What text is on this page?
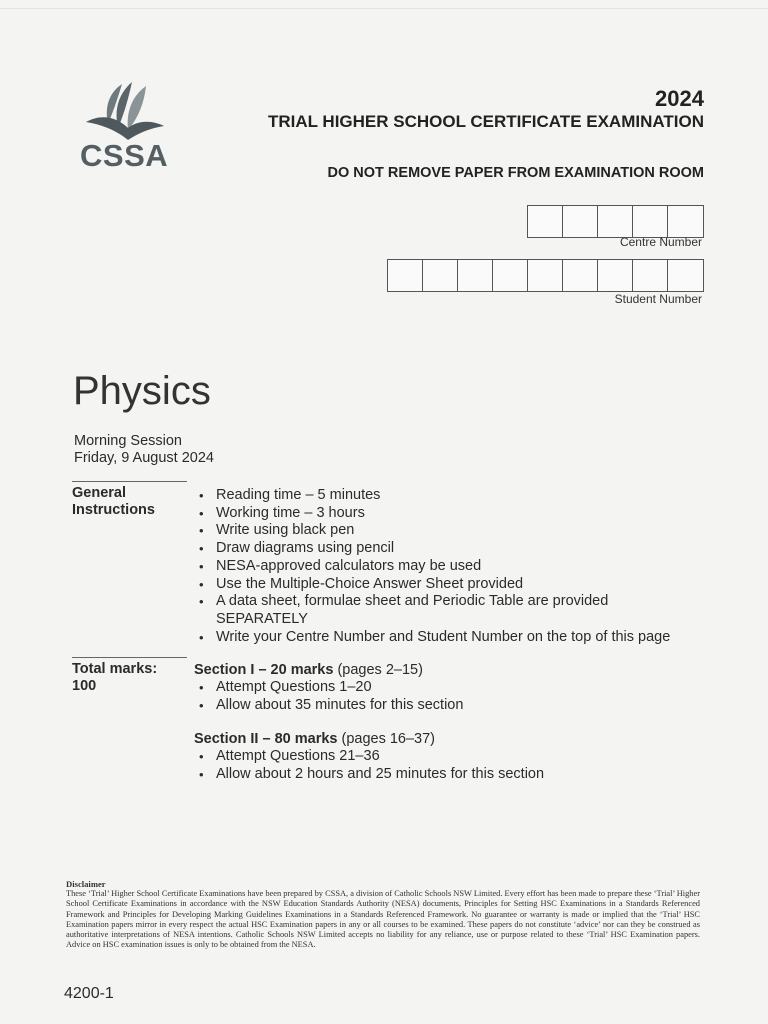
CSSA
2024
TRIAL HIGHER SCHOOL CERTIFICATE EXAMINATION
DO NOT REMOVE PAPER FROM EXAMINATION ROOM
Centre Number
Student Number
Physics
Morning Session
Friday, 9 August 2024
General
Instructions
• Reading time – 5 minutes
• Working time – 3 hours
• Write using black pen
• Draw diagrams using pencil
• NESA-approved calculators may be used
• Use the Multiple-Choice Answer Sheet provided
• A data sheet, formulae sheet and Periodic Table are provided
SEPARATELY
• Write your Centre Number and Student Number on the top of this page
Total marks:
100
Section I – 20 marks (pages 2–15)
• Attempt Questions 1–20
• Allow about 35 minutes for this section
Section II – 80 marks (pages 16–37)
• Attempt Questions 21–36
• Allow about 2 hours and 25 minutes for this section
Disclaimer
These ‘Trial’ Higher School Certificate Examinations have been prepared by CSSA, a division of Catholic Schools NSW Limited. Every effort has been made to prepare these ‘Trial’ Higher School Certificate Examinations in accordance with the NSW Education Standards Authority (NESA) documents, Principles for Setting HSC Examinations in a Standards Referenced Framework and Principles for Developing Marking Guidelines Examinations in a Standards Referenced Framework. No guarantee or warranty is made or implied that the ‘Trial’ HSC Examination papers mirror in every respect the actual HSC Examination papers in any or all courses to be examined. These papers do not constitute ‘advice’ nor can they be construed as authoritative interpretations of NESA intentions. Catholic Schools NSW Limited accepts no liability for any reliance, use or purpose related to these ‘Trial’ HSC Examination papers. Advice on HSC examination issues is only to be obtained from the NESA.
4200-1
